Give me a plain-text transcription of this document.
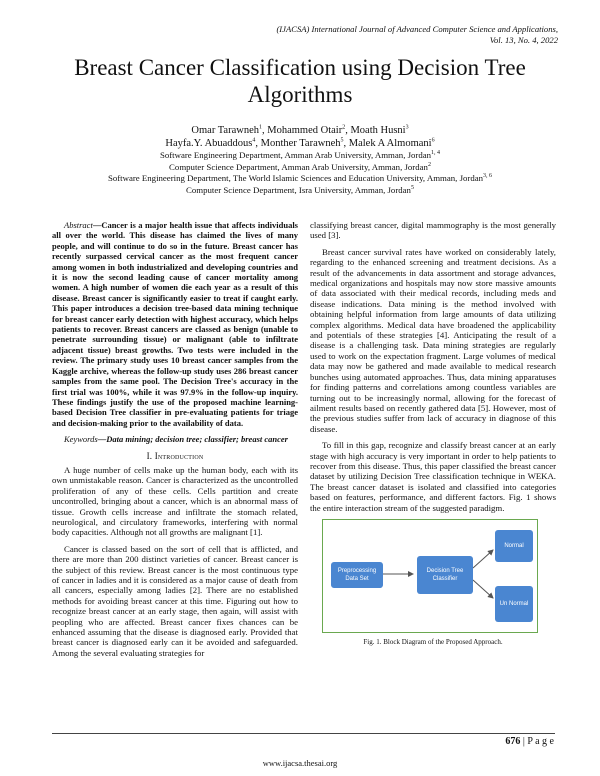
(IJACSA) International Journal of Advanced Computer Science and Applications,
Vol. 13, No. 4, 2022
Breast Cancer Classification using Decision Tree Algorithms
Omar Tarawneh$^1$, Mohammed Otair$^2$, Moath Husni$^3$
Hayfa.Y. Abuaddous$^4$, Monther Tarawneh$^5$, Malek A Almomani$^6$
Software Engineering Department, Amman Arab University, Amman, Jordan$^{1, 4}$
Computer Science Department, Amman Arab University, Amman, Jordan$^2$
Software Engineering Department, The World Islamic Sciences and Education University, Amman, Jordan$^{3, 6}$
Computer Science Department, Isra University, Amman, Jordan$^5$

Abstract—Cancer is a major health issue that affects individuals all over the world. This disease has claimed the lives of many people, and will continue to do so in the future. Breast cancer has recently surpassed cervical cancer as the most frequent cancer among women in both industrialized and developing countries and it is now the second leading cause of cancer mortality among women. A high number of women die each year as a result of this disease. Breast cancer is significantly easier to treat if caught early. This paper introduces a decision tree-based data mining technique for breast cancer early detection with highest accuracy, which helps patients to recover. Breast cancers are classed as benign (unable to penetrate surrounding tissue) or malignant (able to infiltrate adjacent tissue) breast growths. Two tests were included in the review. The primary study uses 10 breast cancer samples from the Kaggle archive, whereas the follow-up study uses 286 breast cancer samples from the same pool. The Decision Tree's accuracy in the first trial was 100%, while it was 97.9% in the follow-up inquiry. These findings justify the use of the proposed machine learning-based Decision Tree classifier in pre-evaluating patients for triage and decision-making prior to the availability of data.

Keywords—Data mining; decision tree; classifier; breast cancer

I. Introduction

A huge number of cells make up the human body, each with its own unmistakable reason. Cancer is characterized as the uncontrolled proliferation of any of these cells. Cells partition and create uncontrolled, bringing about a cancer, which is an abnormal mass of tissue. Growth cells increase and infiltrate the stomach related, neurological, and circulatory frameworks, interfering with normal body capacities. Although not all growths are malignant [1].

Cancer is classed based on the sort of cell that is afflicted, and there are more than 200 distinct varieties of cancer. Breast cancer is the subject of this review. Breast cancer is the most continuous type of cancer in ladies and it is considered as a major cause of death from all cancers, especially among ladies [2]. There are no established methods for avoiding breast cancer at this time. Figuring out how to recognize breast cancer at an early stage, then again, will assist with peopling who are affected. Breast cancer fixes chances can be enhanced assuming that the disease is diagnosed early. Provided that breast cancer is diagnosed early can it be avoided and safeguarded. Among the several evaluating strategies for

classifying breast cancer, digital mammography is the most generally used [3].

Breast cancer survival rates have worked on considerably lately, regarding to the enhanced screening and treatment decisions. As a result of the advancements in data assortment and storage advances, medical organizations and hospitals may now store massive amounts of data associated with their medical records, including meds and disease indications. Data mining is the method involved with obtaining helpful information from large amounts of data utilizing complex algorithms. Medical data have broadened the applicability and potentials of these strategies [4]. Anticipating the result of a disease is a challenging task. Data mining strategies are regularly used to work on the expectation fragment. Large volumes of medical data may now be gathered and made available to medical research bunches using automated approaches. Thus, data mining apparatuses for finding patterns and correlations among countless variables are turning out to be increasingly normal, allowing for the forecast of ailment results based on recently gathered data [5]. However, most of the previous studies suffer from lack of accuracy in diagnose of this disease.

To fill in this gap, recognize and classify breast cancer at an early stage with high accuracy is very important in order to help patients to recover from this disease. Thus, this paper classified the breast cancer dataset by utilizing Decision Tree classification technique in WEKA. The breast cancer dataset is isolated and classified into categories based on features, performance, and different factors. Fig. 1 shows the entire interaction stream of the suggested paradigm.

Preprocessing Data Set
Decision Tree Classifier
Normal
Un Normal
Fig. 1. Block Diagram of the Proposed Approach.
676 | P a g e
www.ijacsa.thesai.org
